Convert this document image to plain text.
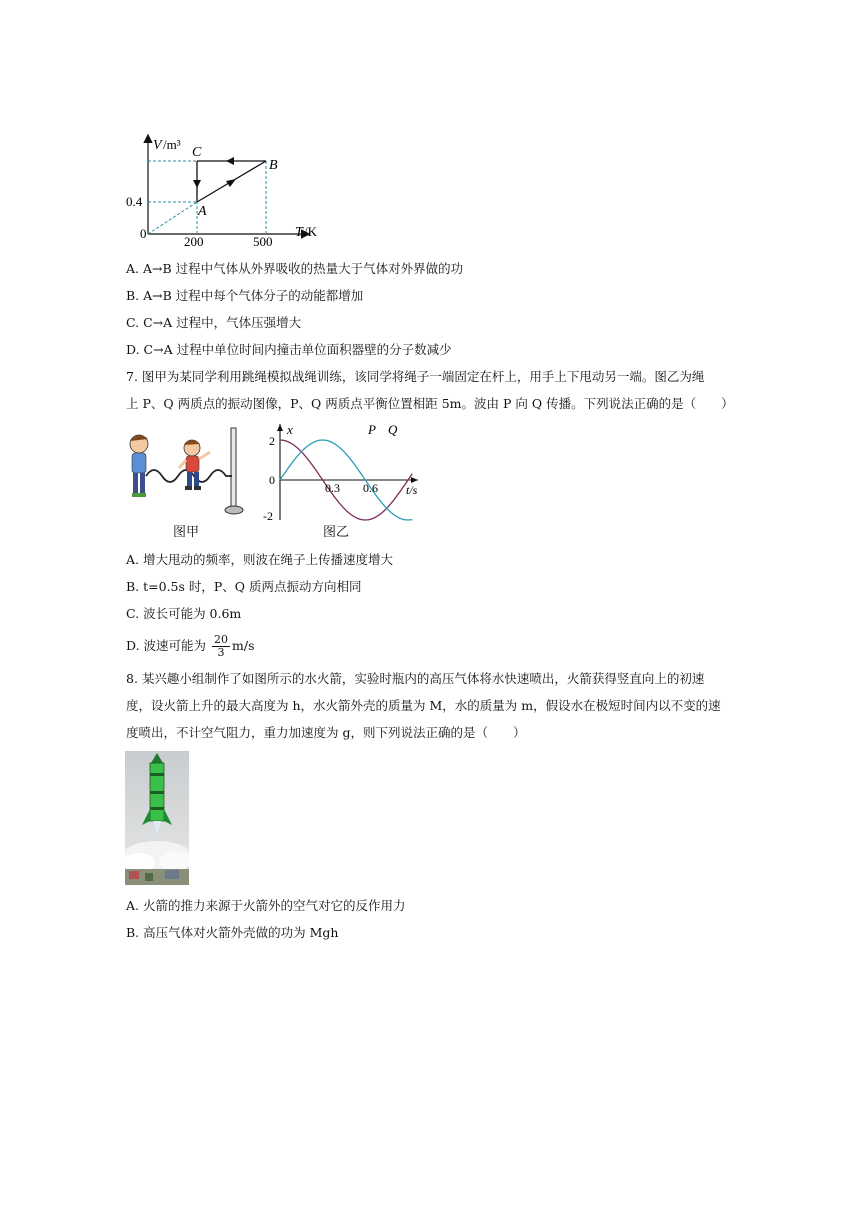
V /m³
T /K
0
0.4
200	500
A
B
C
A. A→B 过程中气体从外界吸收的热量大于气体对外界做的功
B. A→B 过程中每个气体分子的动能都增加
C. C→A 过程中，气体压强增大
D. C→A 过程中单位时间内撞击单位面积器壁的分子数减少
7. 图甲为某同学利用跳绳模拟战绳训练，该同学将绳子一端固定在杆上，用手上下甩动另一端。图乙为绳
上 P、Q 两质点的振动图像，P、Q 两质点平衡位置相距 5m。波由 P 向 Q 传播。下列说法正确的是（　　）
图甲
x
t/s
2
0
-2
0.3 0.6
P Q
图乙
A. 增大甩动的频率，则波在绳子上传播速度增大
B. t=0.5s 时，P、Q 质两点振动方向相同
C. 波长可能为 0.6m
D. 波速可能为 $\frac{20}{3} m/s$
8. 某兴趣小组制作了如图所示的水火箭，实验时瓶内的高压气体将水快速喷出，火箭获得竖直向上的初速
度，设火箭上升的最大高度为 h，水火箭外壳的质量为 M，水的质量为 m，假设水在极短时间内以不变的速
度喷出，不计空气阻力，重力加速度为 g，则下列说法正确的是（　　）
A. 火箭的推力来源于火箭外的空气对它的反作用力
B. 高压气体对火箭外壳做的功为 Mgh
